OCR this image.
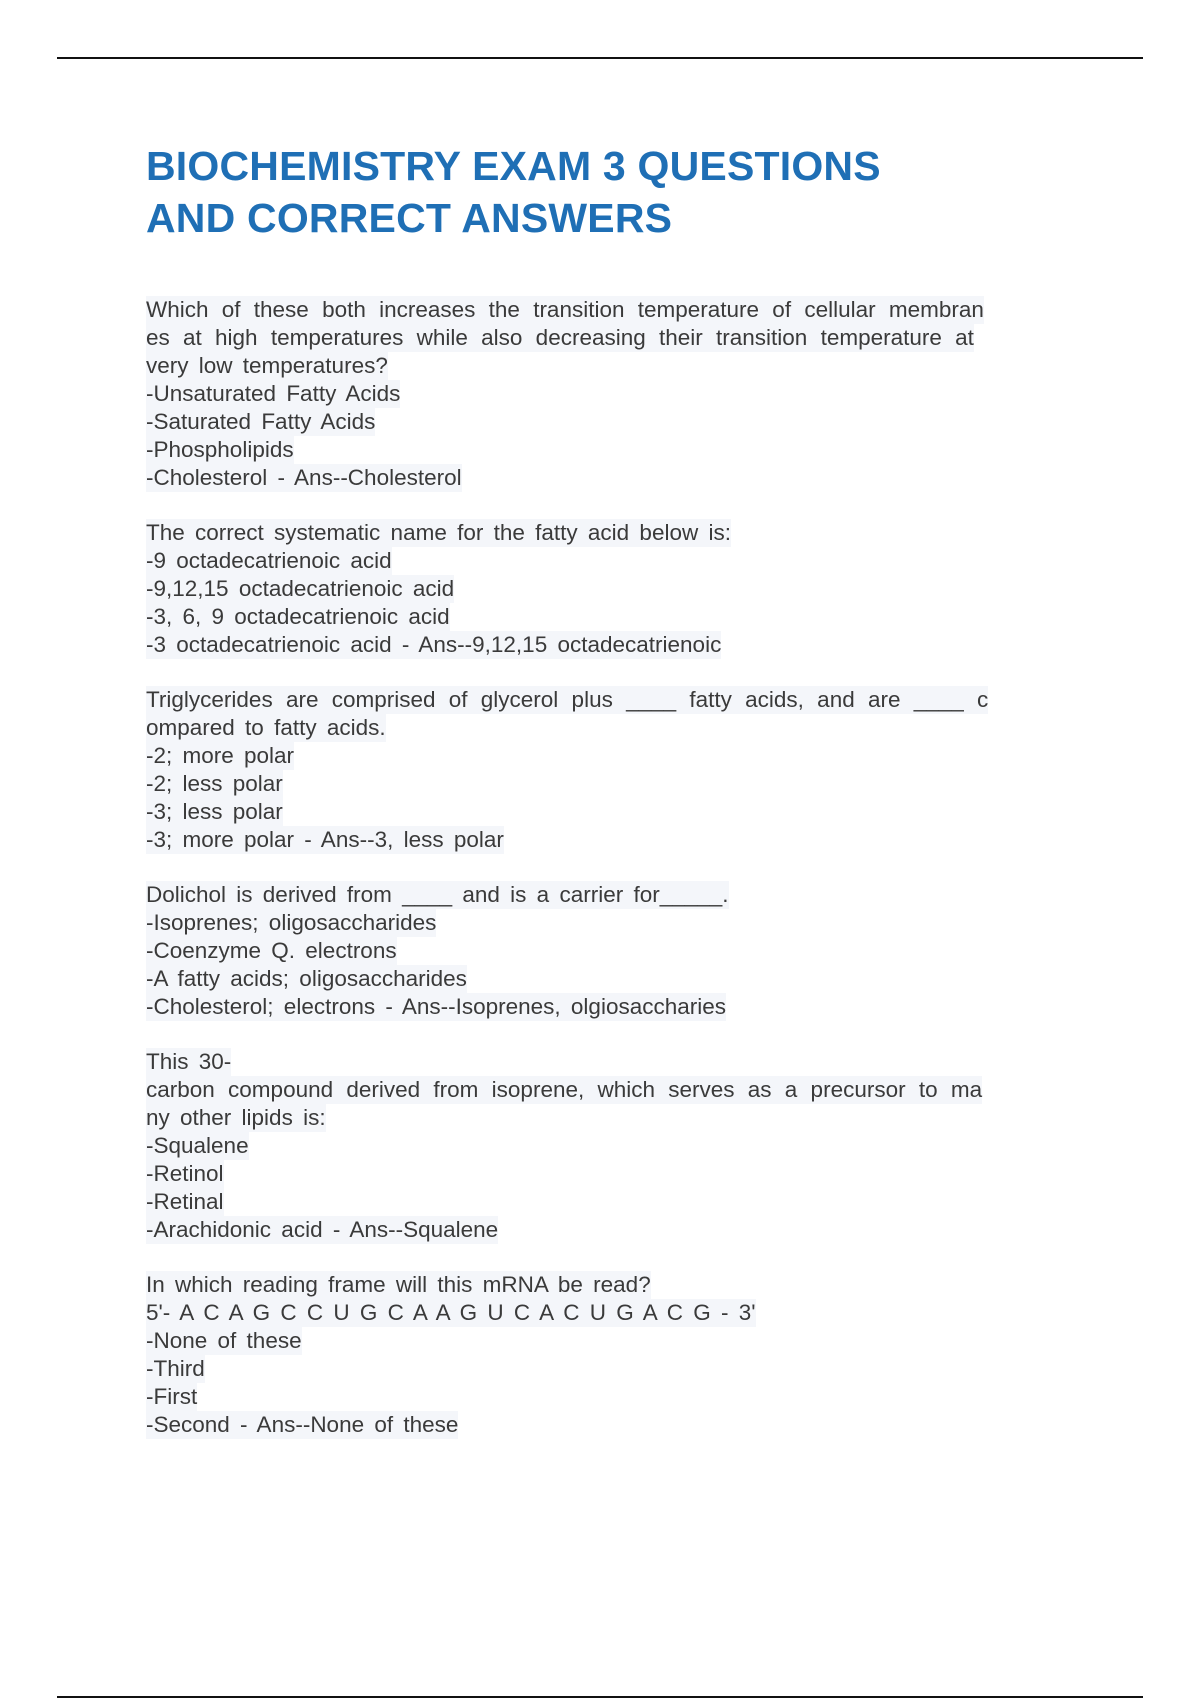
BIOCHEMISTRY EXAM 3 QUESTIONS
AND CORRECT ANSWERS
Which of these both increases the transition temperature of cellular membran
es at high temperatures while also decreasing their transition temperature at
very low temperatures?
-Unsaturated Fatty Acids
-Saturated Fatty Acids
-Phospholipids
-Cholesterol - Ans--Cholesterol
The correct systematic name for the fatty acid below is:
-9 octadecatrienoic acid
-9,12,15 octadecatrienoic acid
-3, 6, 9 octadecatrienoic acid
-3 octadecatrienoic acid - Ans--9,12,15 octadecatrienoic
Triglycerides are comprised of glycerol plus ____ fatty acids, and are ____ c
ompared to fatty acids.
-2; more polar
-2; less polar
-3; less polar
-3; more polar - Ans--3, less polar
Dolichol is derived from ____ and is a carrier for_____.
-Isoprenes; oligosaccharides
-Coenzyme Q. electrons
-A fatty acids; oligosaccharides
-Cholesterol; electrons - Ans--Isoprenes, olgiosaccharies
This 30-
carbon compound derived from isoprene, which serves as a precursor to ma
ny other lipids is:
-Squalene
-Retinol
-Retinal
-Arachidonic acid - Ans--Squalene
In which reading frame will this mRNA be read?
5'- A C A G C C U G C A A G U C A C U G A C G - 3'
-None of these
-Third
-First
-Second - Ans--None of these
